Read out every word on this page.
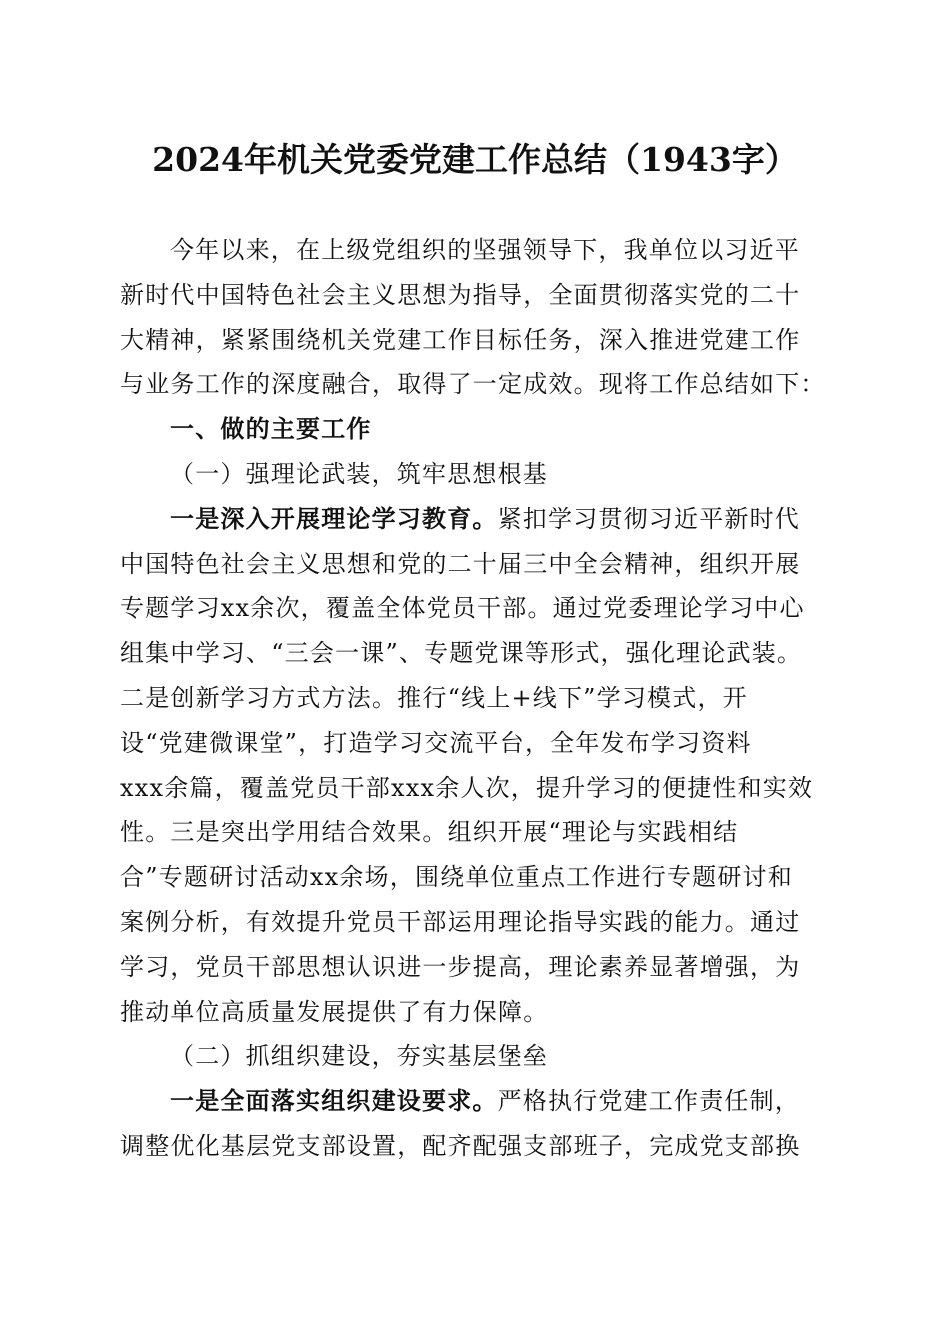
2024年机关党委党建工作总结（1943字）
今年以来，在上级党组织的坚强领导下，我单位以习近平
新时代中国特色社会主义思想为指导，全面贯彻落实党的二十
大精神，紧紧围绕机关党建工作目标任务，深入推进党建工作
与业务工作的深度融合，取得了一定成效。现将工作总结如下：
一、做的主要工作
（一）强理论武装，筑牢思想根基
一是深入开展理论学习教育。紧扣学习贯彻习近平新时代
中国特色社会主义思想和党的二十届三中全会精神，组织开展
专题学习xx余次，覆盖全体党员干部。通过党委理论学习中心
组集中学习、“三会一课”、专题党课等形式，强化理论武装。
二是创新学习方式方法。推行“线上+线下”学习模式，开
设“党建微课堂”，打造学习交流平台，全年发布学习资料
xxx余篇，覆盖党员干部xxx余人次，提升学习的便捷性和实效
性。三是突出学用结合效果。组织开展“理论与实践相结
合”专题研讨活动xx余场，围绕单位重点工作进行专题研讨和
案例分析，有效提升党员干部运用理论指导实践的能力。通过
学习，党员干部思想认识进一步提高，理论素养显著增强，为
推动单位高质量发展提供了有力保障。
（二）抓组织建设，夯实基层堡垒
一是全面落实组织建设要求。严格执行党建工作责任制，
调整优化基层党支部设置，配齐配强支部班子，完成党支部换
